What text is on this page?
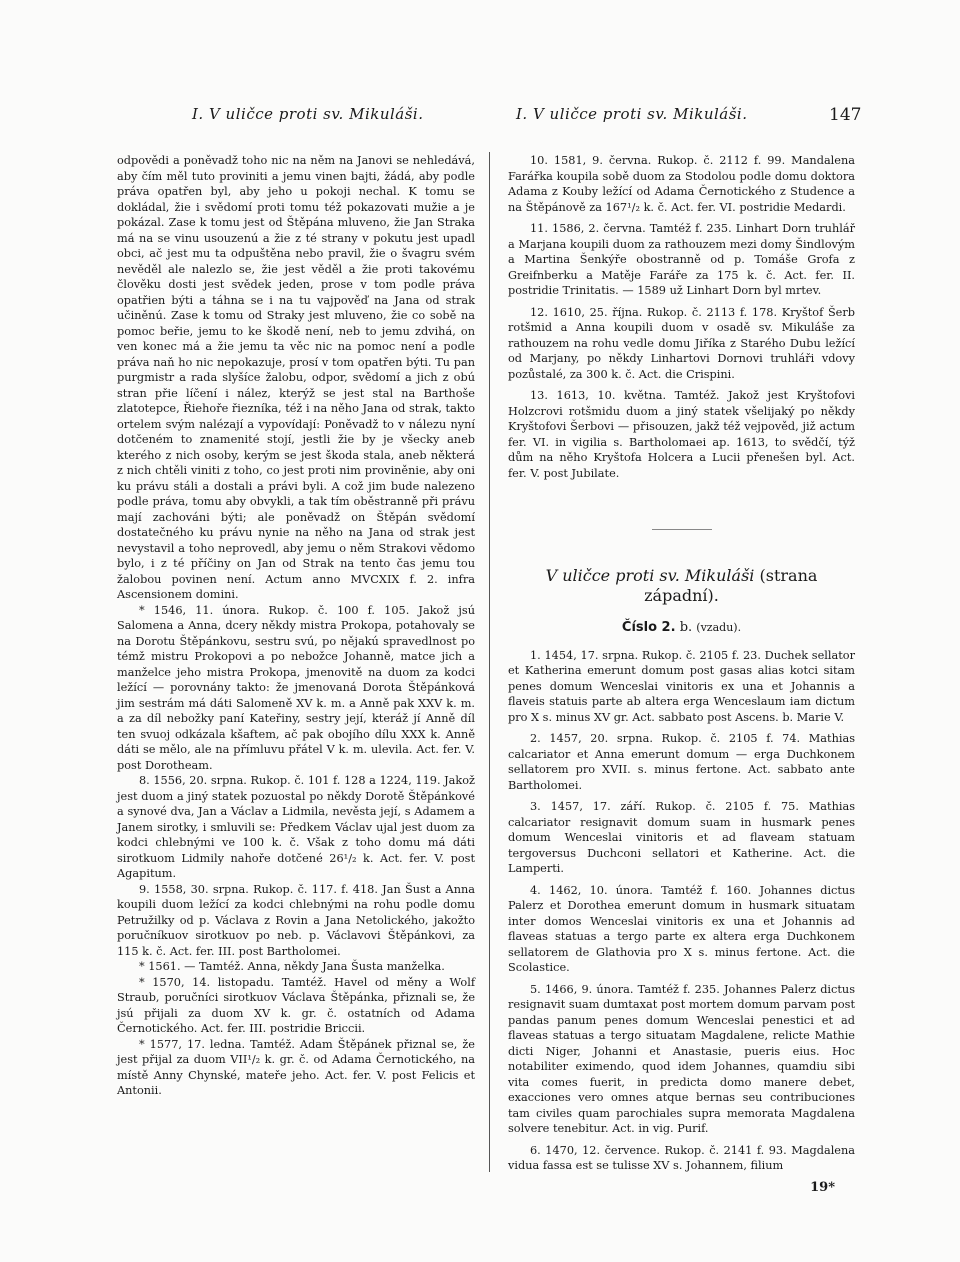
I. V uličce proti sv. Mikuláši.	I. V uličce proti sv. Mikuláši.	147

odpovědi a poněvadž toho nic na něm na Janovi se nehledává, aby čím měl tuto proviniti a jemu vinen bajti, žádá, aby podle práva opatřen byl, aby jeho u pokoji nechal. K tomu se dokládal, žie i svědomí proti tomu též pokazovati mužie a je pokázal. Zase k tomu jest od Štěpána mluveno, žie Jan Straka má na se vinu usouzenú a žie z té strany v pokutu jest upadl obci, ač jest mu ta odpuštěna nebo pravil, žie o švagru svém nevěděl ale nalezlo se, žie jest věděl a žie proti takovému člověku dosti jest svědek jeden, prose v tom podle práva opatřien býti a táhna se i na tu vajpověď na Jana od strak učiněnú. Zase k tomu od Straky jest mluveno, žie co sobě na pomoc beřie, jemu to ke škodě není, neb to jemu zdvihá, on ven konec má a žie jemu ta věc nic na pomoc není a podle práva naň ho nic nepokazuje, prosí v tom opatřen býti. Tu pan purgmistr a rada slyšíce žalobu, odpor, svědomí a jich z obú stran přie líčení i nález, kterýž se jest stal na Barthoše zlatotepce, Řiehoře řiezníka, též i na něho Jana od strak, takto ortelem svým nalézají a vypovídají: Poněvadž to v nálezu nyní dotčeném to znamenité stojí, jestli žie by je všecky aneb kterého z nich osoby, kerým se jest škoda stala, aneb některá z nich chtěli viniti z toho, co jest proti nim proviněnie, aby oni ku právu stáli a dostali a právi byli. A což jim bude nalezeno podle práva, tomu aby obvykli, a tak tím oběstranně při právu mají zachováni býti; ale poněvadž on Štěpán svědomí dostatečného ku právu nynie na něho na Jana od strak jest nevystavil a toho neprovedl, aby jemu o něm Strakovi vědomo bylo, i z té příčiny on Jan od Strak na tento čas jemu tou žalobou povinen není. Actum anno MVCXIX f. 2. infra Ascensionem domini.

* 1546, 11. února. Rukop. č. 100 f. 105. Jakož jsú Salomena a Anna, dcery někdy mistra Prokopa, potahovaly se na Dorotu Štěpánkovu, sestru svú, po nějakú spravedlnost po témž mistru Prokopovi a po nebožce Johanně, matce jich a manželce jeho mistra Prokopa, jmenovitě na duom za kodci ležící — porovnány takto: že jmenovaná Dorota Štěpánková jim sestrám má dáti Salomeně XV k. m. a Anně pak XXV k. m. a za díl nebožky paní Kateřiny, sestry její, kteráž jí Anně díl ten svuoj odkázala kšaftem, ač pak obojího dílu XXX k. Anně dáti se mělo, ale na přímluvu přátel V k. m. ulevila. Act. fer. V. post Dorotheam.

8. 1556, 20. srpna. Rukop. č. 101 f. 128 a 1224, 119. Jakož jest duom a jiný statek pozuostal po někdy Dorotě Štěpánkové a synové dva, Jan a Václav a Lidmila, nevěsta její, s Adamem a Janem sirotky, i smluvili se: Předkem Václav ujal jest duom za kodci chlebnými ve 100 k. č. Však z toho domu má dáti sirotkuom Lidmily nahoře dotčené 26¹/₂ k. Act. fer. V. post Agapitum.

9. 1558, 30. srpna. Rukop. č. 117. f. 418. Jan Šust a Anna koupili duom ležící za kodci chlebnými na rohu podle domu Petružilky od p. Václava z Rovin a Jana Netolického, jakožto poručníkuov sirotkuov po neb. p. Václavovi Štěpánkovi, za 115 k. č. Act. fer. III. post Bartholomei.

* 1561. — Tamtéž. Anna, někdy Jana Šusta manželka.

* 1570, 14. listopadu. Tamtéž. Havel od měny a Wolf Straub, poručníci sirotkuov Václava Štěpánka, přiznali se, že jsú přijali za duom XV k. gr. č. ostatních od Adama Černotického. Act. fer. III. postridie Briccii.

* 1577, 17. ledna. Tamtéž. Adam Štěpánek přiznal se, že jest přijal za duom VII¹/₂ k. gr. č. od Adama Černotického, na místě Anny Chynské, mateře jeho. Act. fer. V. post Felicis et Antonii.

10. 1581, 9. června. Rukop. č. 2112 f. 99. Mandalena Farářka koupila sobě duom za Stodolou podle domu doktora Adama z Kouby ležící od Adama Černotického z Studence a na Štěpánově za 167¹/₂ k. č. Act. fer. VI. postridie Medardi.

11. 1586, 2. června. Tamtéž f. 235. Linhart Dorn truhlář a Marjana koupili duom za rathouzem mezi domy Šindlovým a Martina Šenkýře obostranně od p. Tomáše Grofa z Greifnberku a Matěje Faráře za 175 k. č. Act. fer. II. postridie Trinitatis. — 1589 už Linhart Dorn byl mrtev.

12. 1610, 25. října. Rukop. č. 2113 f. 178. Kryštof Šerb rotšmid a Anna koupili duom v osadě sv. Mikuláše za rathouzem na rohu vedle domu Jiříka z Starého Dubu ležící od Marjany, po někdy Linhartovi Dornovi truhláři vdovy pozůstalé, za 300 k. č. Act. die Crispini.

13. 1613, 10. května. Tamtéž. Jakož jest Kryštofovi Holzcrovi rotšmidu duom a jiný statek všelijaký po někdy Kryštofovi Šerbovi — přisouzen, jakž též vejpověd, již actum fer. VI. in vigilia s. Bartholomaei ap. 1613, to svědčí, týž dům na něho Kryštofa Holcera a Lucii přenešen byl. Act. fer. V. post Jubilate.

V uličce proti sv. Mikuláši (strana západní).
Číslo 2. b. (vzadu).

1. 1454, 17. srpna. Rukop. č. 2105 f. 23. Duchek sellator et Katherina emerunt domum post gasas alias kotci sitam penes domum Wenceslai vinitoris ex una et Johannis a flaveis statuis parte ab altera erga Wenceslaum iam dictum pro X s. minus XV gr. Act. sabbato post Ascens. b. Marie V.

2. 1457, 20. srpna. Rukop. č. 2105 f. 74. Mathias calcariator et Anna emerunt domum — erga Duchkonem sellatorem pro XVII. s. minus fertone. Act. sabbato ante Bartholomei.

3. 1457, 17. září. Rukop. č. 2105 f. 75. Mathias calcariator resignavit domum suam in husmark penes domum Wenceslai vinitoris et ad flaveam statuam tergoversus Duchconi sellatori et Katherine. Act. die Lamperti.

4. 1462, 10. února. Tamtéž f. 160. Johannes dictus Palerz et Dorothea emerunt domum in husmark situatam inter domos Wenceslai vinitoris ex una et Johannis ad flaveas statuas a tergo parte ex altera erga Duchkonem sellatorem de Glathovia pro X s. minus fertone. Act. die Scolastice.

5. 1466, 9. února. Tamtéž f. 235. Johannes Palerz dictus resignavit suam dumtaxat post mortem domum parvam post pandas panum penes domum Wenceslai penestici et ad flaveas statuas a tergo situatam Magdalene, relicte Mathie dicti Niger, Johanni et Anastasie, pueris eius. Hoc notabiliter eximendo, quod idem Johannes, quamdiu sibi vita comes fuerit, in predicta domo manere debet, exacciones vero omnes atque bernas seu contribuciones tam civiles quam parochiales supra memorata Magdalena solvere tenebitur. Act. in vig. Purif.

6. 1470, 12. července. Rukop. č. 2141 f. 93. Magdalena vidua fassa est se tulisse XV s. Johannem, filium

19*
